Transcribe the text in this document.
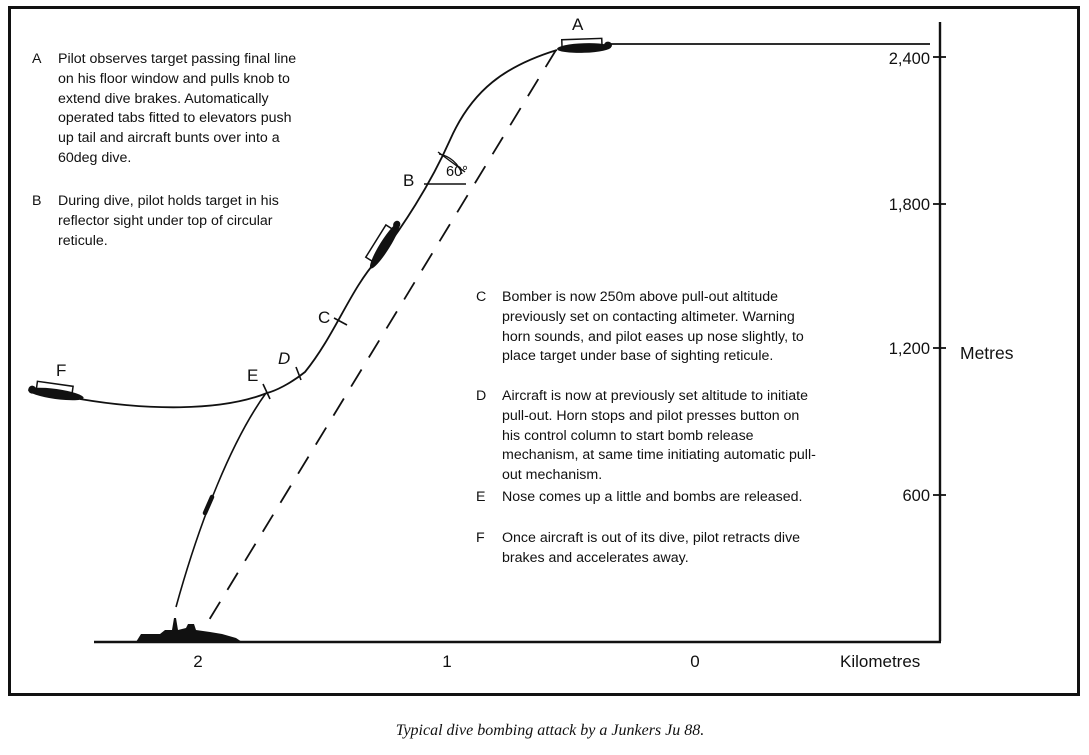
2,400
1,800
1,200
600
Metres
2	1	0	Kilometres
60°
A
B
C
D
E
F
A Pilot observes target passing final line on his floor window and pulls knob to extend dive brakes. Automatically operated tabs fitted to elevators push up tail and aircraft bunts over into a 60deg dive.
B During dive, pilot holds target in his reflector sight under top of circular reticule.
C Bomber is now 250m above pull-out altitude previously set on contacting altimeter. Warning horn sounds, and pilot eases up nose slightly, to place target under base of sighting reticule.
D Aircraft is now at previously set altitude to initiate pull-out. Horn stops and pilot presses button on his control column to start bomb release mechanism, at same time initiating automatic pull-out mechanism.
E Nose comes up a little and bombs are released.
F Once aircraft is out of its dive, pilot retracts dive brakes and accelerates away.
Typical dive bombing attack by a Junkers Ju 88.
